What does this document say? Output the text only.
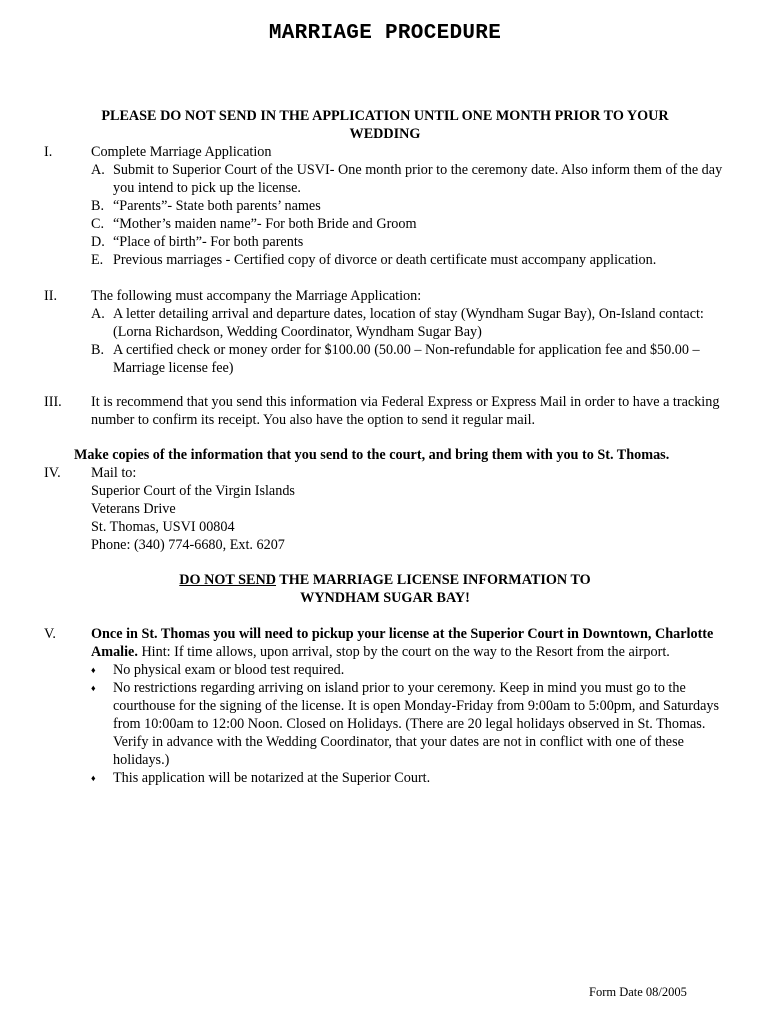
MARRIAGE PROCEDURE
PLEASE DO NOT SEND IN THE APPLICATION UNTIL ONE MONTH PRIOR TO YOUR WEDDING
I.	Complete Marriage Application
A. Submit to Superior Court of the USVI- One month prior to the ceremony date. Also inform them of the day you intend to pick up the license.
B. “Parents”- State both parents’ names
C. “Mother’s maiden name”- For both Bride and Groom
D. “Place of birth”- For both parents
E. Previous marriages - Certified copy of divorce or death certificate must accompany application.
II. The following must accompany the Marriage Application:
A. A letter detailing arrival and departure dates, location of stay (Wyndham Sugar Bay), On-Island contact: (Lorna Richardson, Wedding Coordinator, Wyndham Sugar Bay)
B. A certified check or money order for $100.00 (50.00 – Non-refundable for application fee and $50.00 – Marriage license fee)
III. It is recommend that you send this information via Federal Express or Express Mail in order to have a tracking number to confirm its receipt. You also have the option to send it regular mail.
Make copies of the information that you send to the court, and bring them with you to St. Thomas.
IV. Mail to:
Superior Court of the Virgin Islands
Veterans Drive
St. Thomas, USVI 00804
Phone: (340) 774-6680, Ext. 6207
DO NOT SEND THE MARRIAGE LICENSE INFORMATION TO
WYNDHAM SUGAR BAY!
V. Once in St. Thomas you will need to pickup your license at the Superior Court in Downtown, Charlotte Amalie. Hint: If time allows, upon arrival, stop by the court on the way to the Resort from the airport.
♦ No physical exam or blood test required.
♦ No restrictions regarding arriving on island prior to your ceremony. Keep in mind you must go to the courthouse for the signing of the license. It is open Monday-Friday from 9:00am to 5:00pm, and Saturdays from 10:00am to 12:00 Noon. Closed on Holidays. (There are 20 legal holidays observed in St. Thomas. Verify in advance with the Wedding Coordinator, that your dates are not in conflict with one of these holidays.)
♦ This application will be notarized at the Superior Court.
Form Date 08/2005
